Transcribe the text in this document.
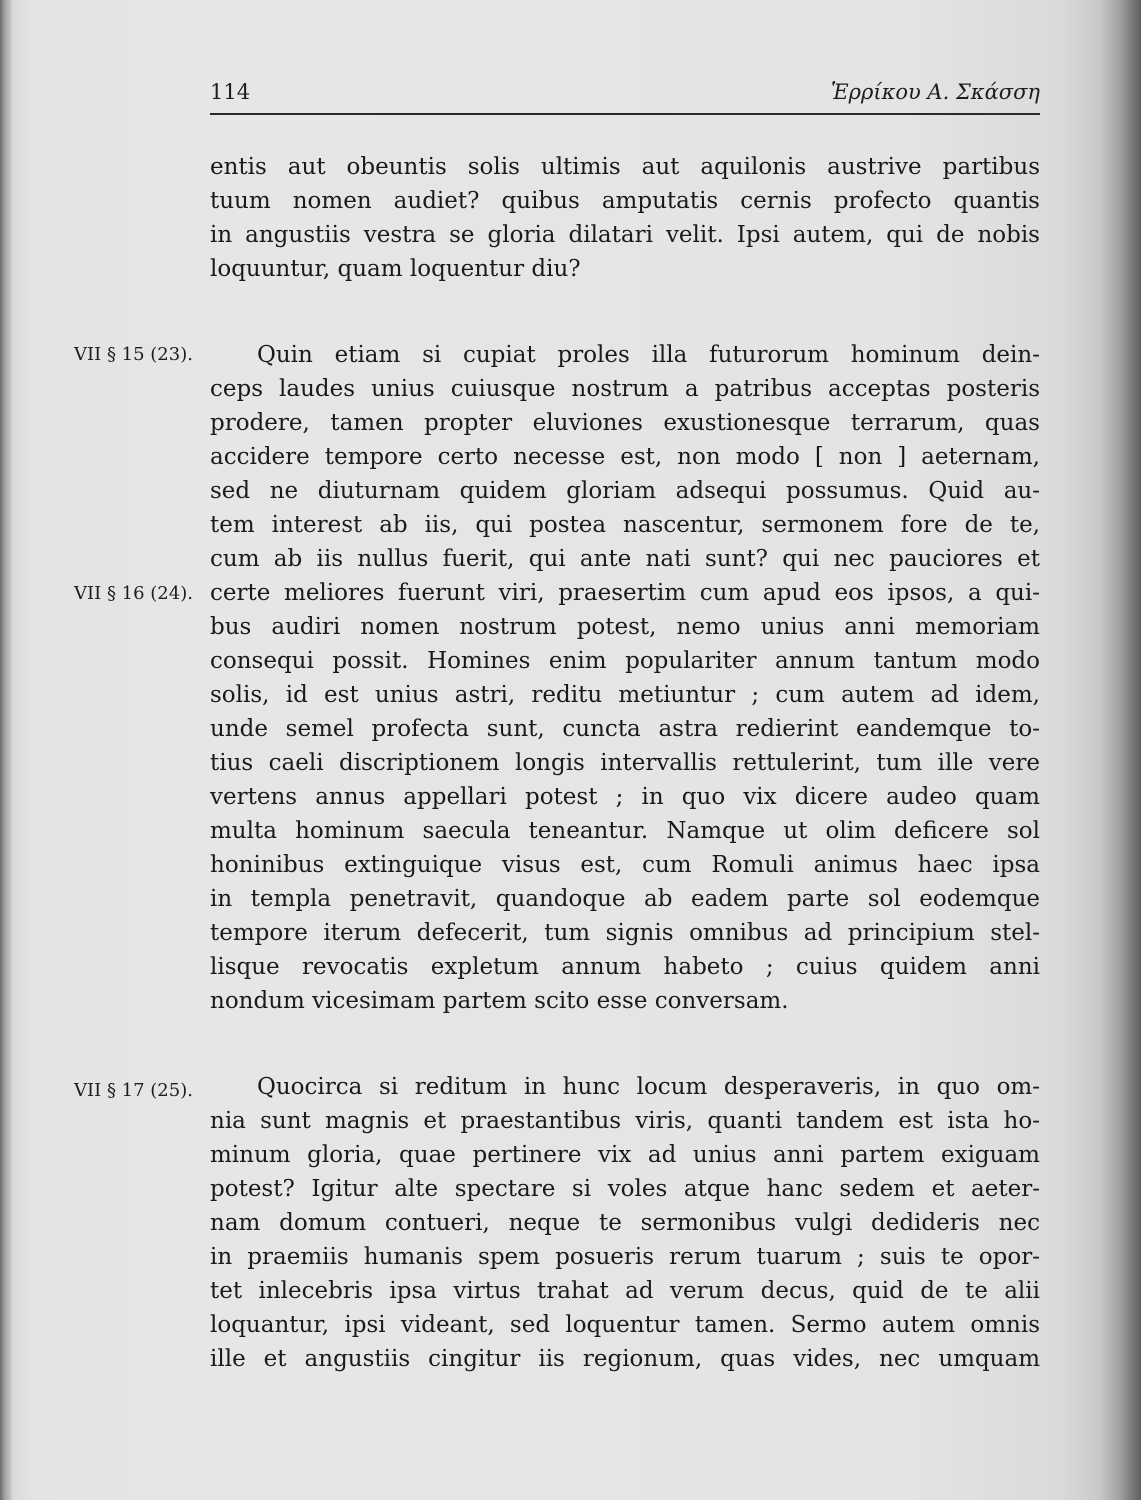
114	Ἑρρίκου Α. Σκάσση
VII § 15 (23).
VII § 16 (24).
VII § 17 (25).
entis aut obeuntis solis ultimis aut aquilonis austrive partibus
tuum nomen audiet? quibus amputatis cernis profecto quantis
in angustiis vestra se gloria dilatari velit. Ipsi autem, qui de nobis
loquuntur, quam loquentur diu?
Quin etiam si cupiat proles illa futurorum hominum dein-
ceps laudes unius cuiusque nostrum a patribus acceptas posteris
prodere, tamen propter eluviones exustionesque terrarum, quas
accidere tempore certo necesse est, non modo [ non ] aeternam,
sed ne diuturnam quidem gloriam adsequi possumus. Quid au-
tem interest ab iis, qui postea nascentur, sermonem fore de te,
cum ab iis nullus fuerit, qui ante nati sunt? qui nec pauciores et
certe meliores fuerunt viri, praesertim cum apud eos ipsos, a qui-
bus audiri nomen nostrum potest, nemo unius anni memoriam
consequi possit. Homines enim populariter annum tantum modo
solis, id est unius astri, reditu metiuntur ; cum autem ad idem,
unde semel profecta sunt, cuncta astra redierint eandemque to-
tius caeli discriptionem longis intervallis rettulerint, tum ille vere
vertens annus appellari potest ; in quo vix dicere audeo quam
multa hominum saecula teneantur. Namque ut olim deficere sol
honinibus extinguique visus est, cum Romuli animus haec ipsa
in templa penetravit, quandoque ab eadem parte sol eodemque
tempore iterum defecerit, tum signis omnibus ad principium stel-
lisque revocatis expletum annum habeto ; cuius quidem anni
nondum vicesimam partem scito esse conversam.
Quocirca si reditum in hunc locum desperaveris, in quo om-
nia sunt magnis et praestantibus viris, quanti tandem est ista ho-
minum gloria, quae pertinere vix ad unius anni partem exiguam
potest? Igitur alte spectare si voles atque hanc sedem et aeter-
nam domum contueri, neque te sermonibus vulgi dedideris nec
in praemiis humanis spem posueris rerum tuarum ; suis te opor-
tet inlecebris ipsa virtus trahat ad verum decus, quid de te alii
loquantur, ipsi videant, sed loquentur tamen. Sermo autem omnis
ille et angustiis cingitur iis regionum, quas vides, nec umquam
